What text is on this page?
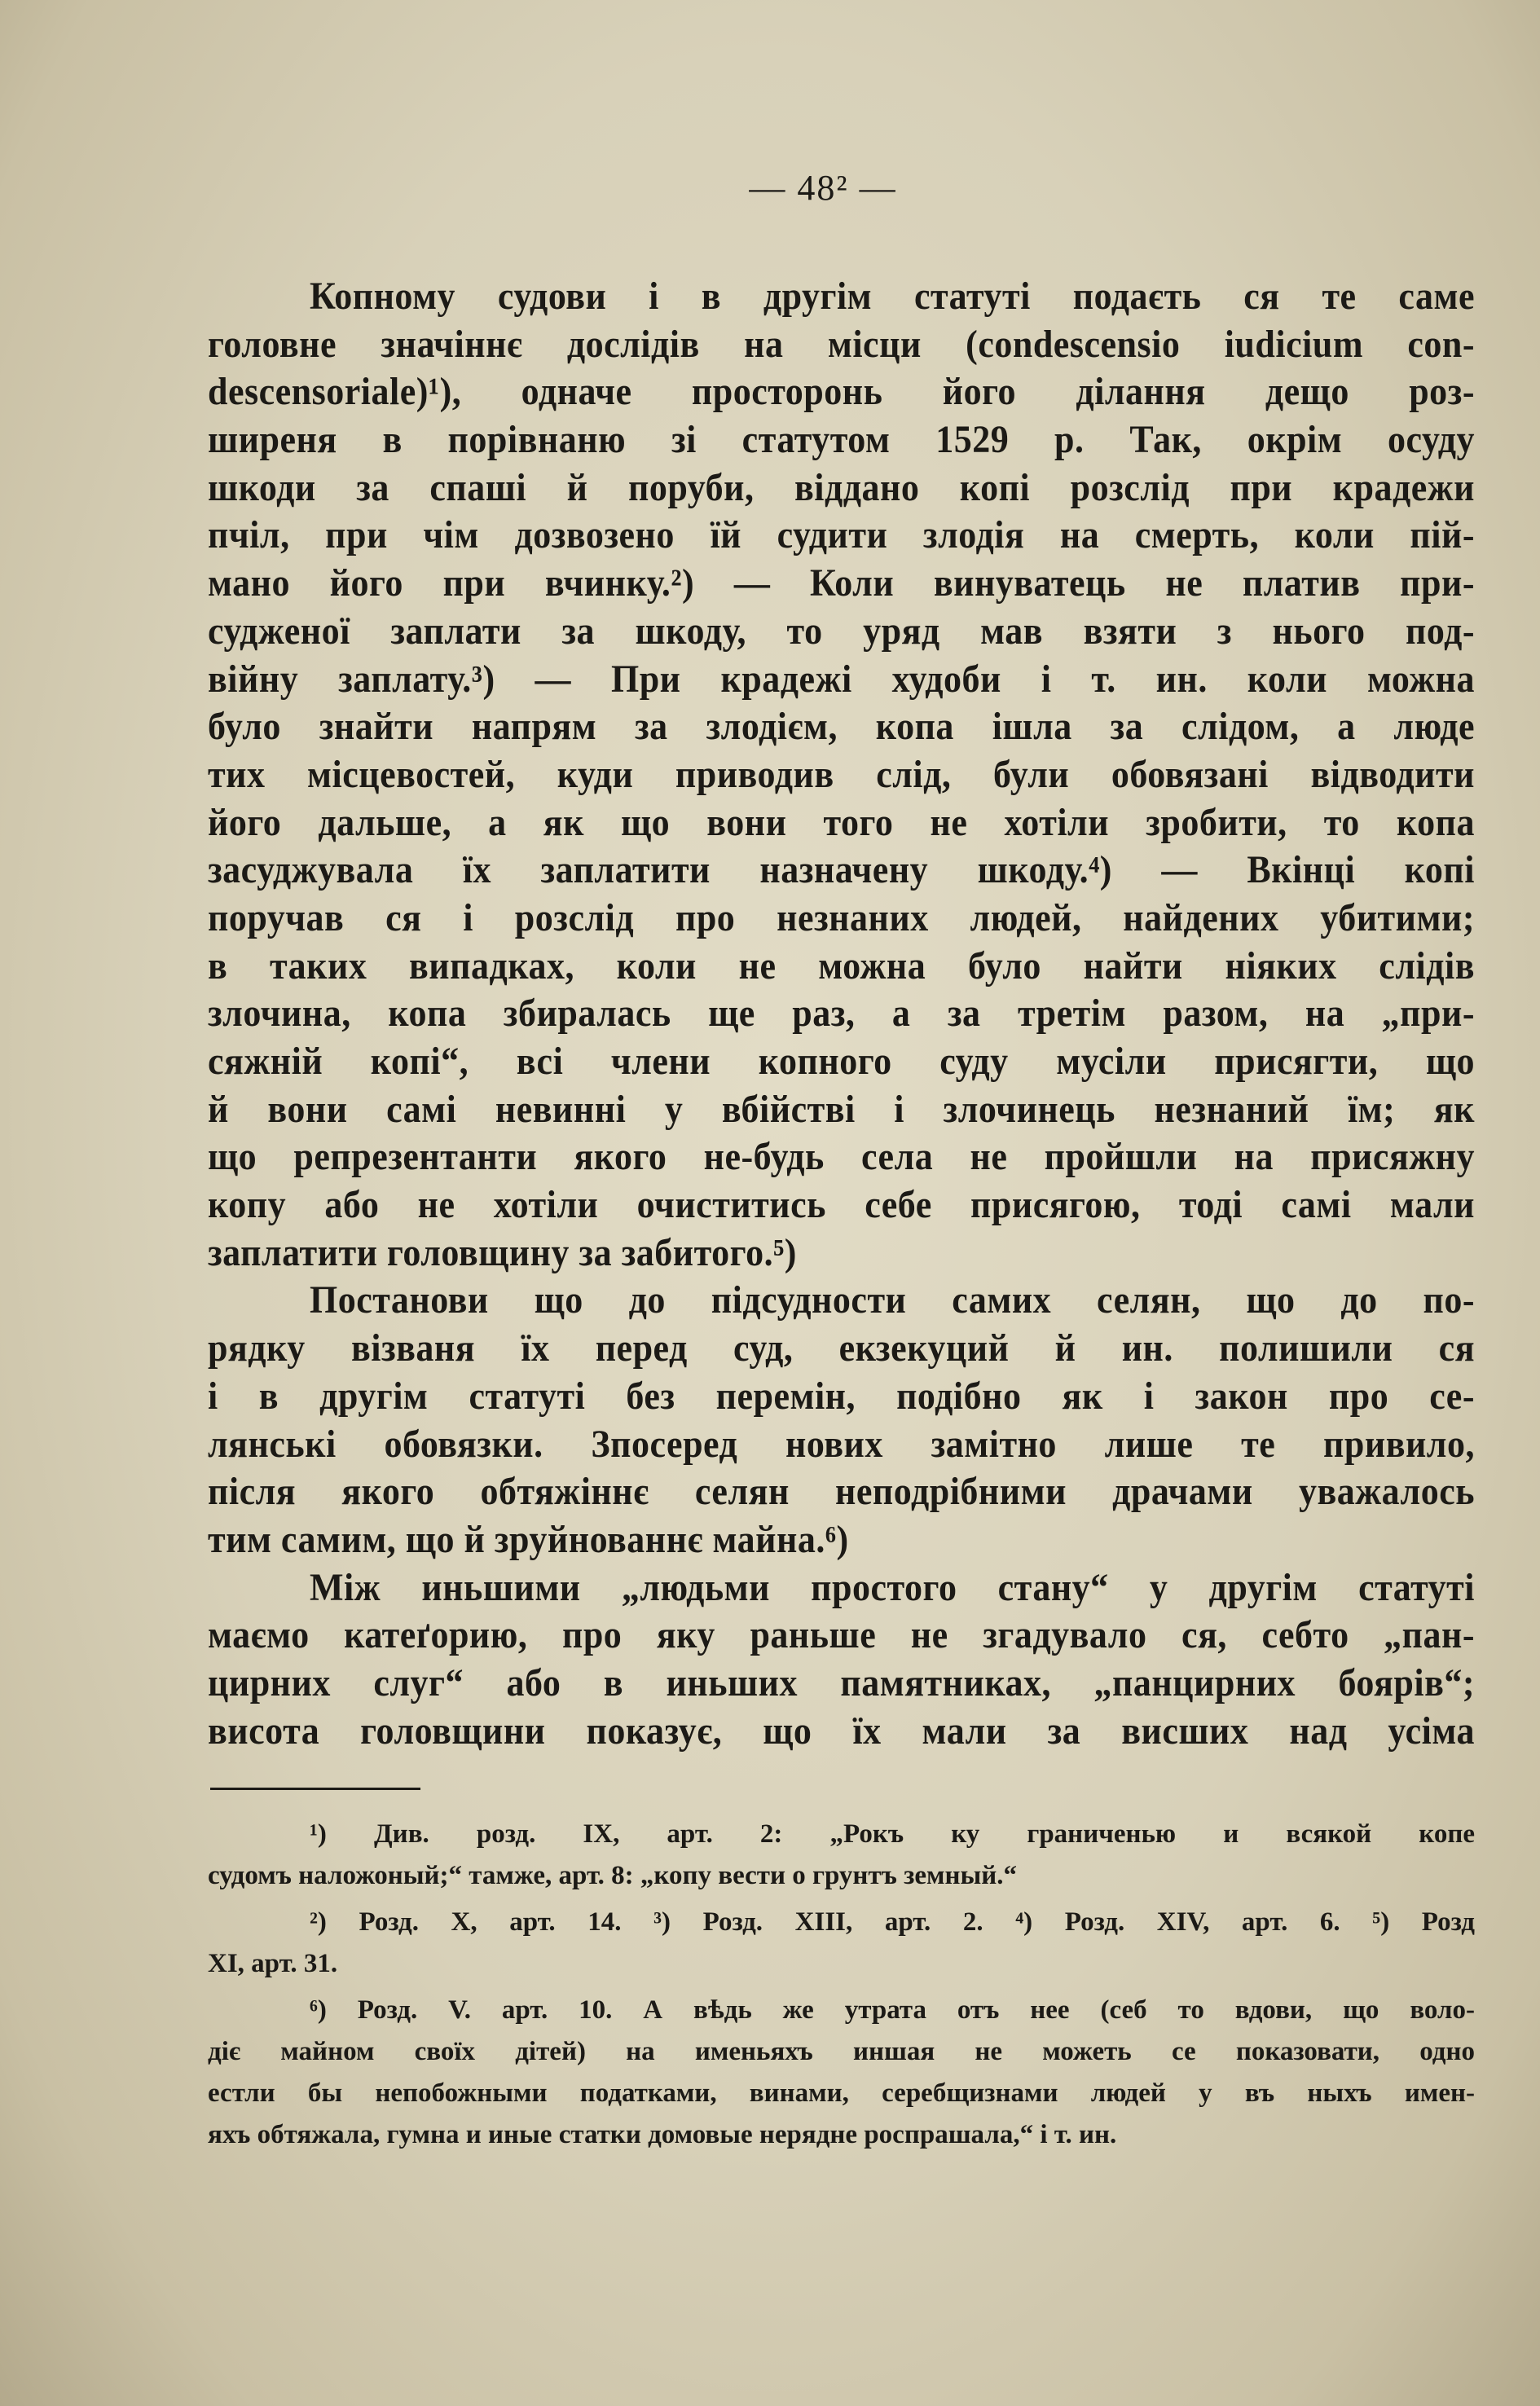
— 48² —
Копному судови і в другім статуті подаєть ся те саме
головне значіннє дослідів на місци (condescensio iudicium con-
descensoriale)¹), одначе просторонь його ділання дещо роз-
ширеня в порівнаню зі статутом 1529 р. Так, окрім осуду
шкоди за спаші й поруби, віддано копі розслід при крадежи
пчіл, при чім дозвозено їй судити злодія на смерть, коли пій-
мано його при вчинку.²) — Коли винуватець не платив при-
судженої заплати за шкоду, то уряд мав взяти з нього под-
війну заплату.³) — При крадежі худоби і т. ин. коли можна
було знайти напрям за злодієм, копа ішла за слідом, а люде
тих місцевостей, куди приводив слід, були обовязані відводити
його дальше, а як що вони того не хотіли зробити, то копа
засуджувала їх заплатити назначену шкоду.⁴) — Вкінці копі
поручав ся і розслід про незнаних людей, найдених убитими;
в таких випадках, коли не можна було найти ніяких слідів
злочина, копа збиралась ще раз, а за третім разом, на „при-
сяжній копі“, всі члени копного суду мусіли присягти, що
й вони самі невинні у вбійстві і злочинець незнаний їм; як
що репрезентанти якого не-будь села не пройшли на присяжну
копу або не хотіли очиститись себе присягою, тоді самі мали
заплатити головщину за забитого.⁵)
Постанови що до підсудности самих селян, що до по-
рядку візваня їх перед суд, екзекуций й ин. полишили ся
і в другім статуті без перемін, подібно як і закон про се-
лянські обовязки. Зпосеред нових замітно лише те привило,
після якого обтяжіннє селян неподрібними драчами уважалось
тим самим, що й зруйнованнє майна.⁶)
Між иньшими „людьми простого стану“ у другім статуті
маємо катеґорию, про яку раньше не згадувало ся, себто „пан-
цирних слуг“ або в иньших памятниках, „панцирних боярів“;
висота головщини показує, що їх мали за висших над усіма
¹) Див. розд. IX, арт. 2: „Рокъ ку граниченью и всякой копе
судомъ наложоный;“ тамже, арт. 8: „копу вести о грунтъ земный.“
²) Розд. X, арт. 14. ³) Розд. XIII, арт. 2. ⁴) Розд. XIV, арт. 6. ⁵) Розд
XI, арт. 31.
⁶) Розд. V. арт. 10. А вѣдь же утрата отъ нее (себ то вдови, що воло-
діє майном своїх дітей) на именьяхъ иншая не можеть се показовати, одно
естли бы непобожными податками, винами, серебщизнами людей у въ ныхъ имен-
яхъ обтяжала, гумна и иные статки домовые нерядне роспрашала,“ і т. ин.
